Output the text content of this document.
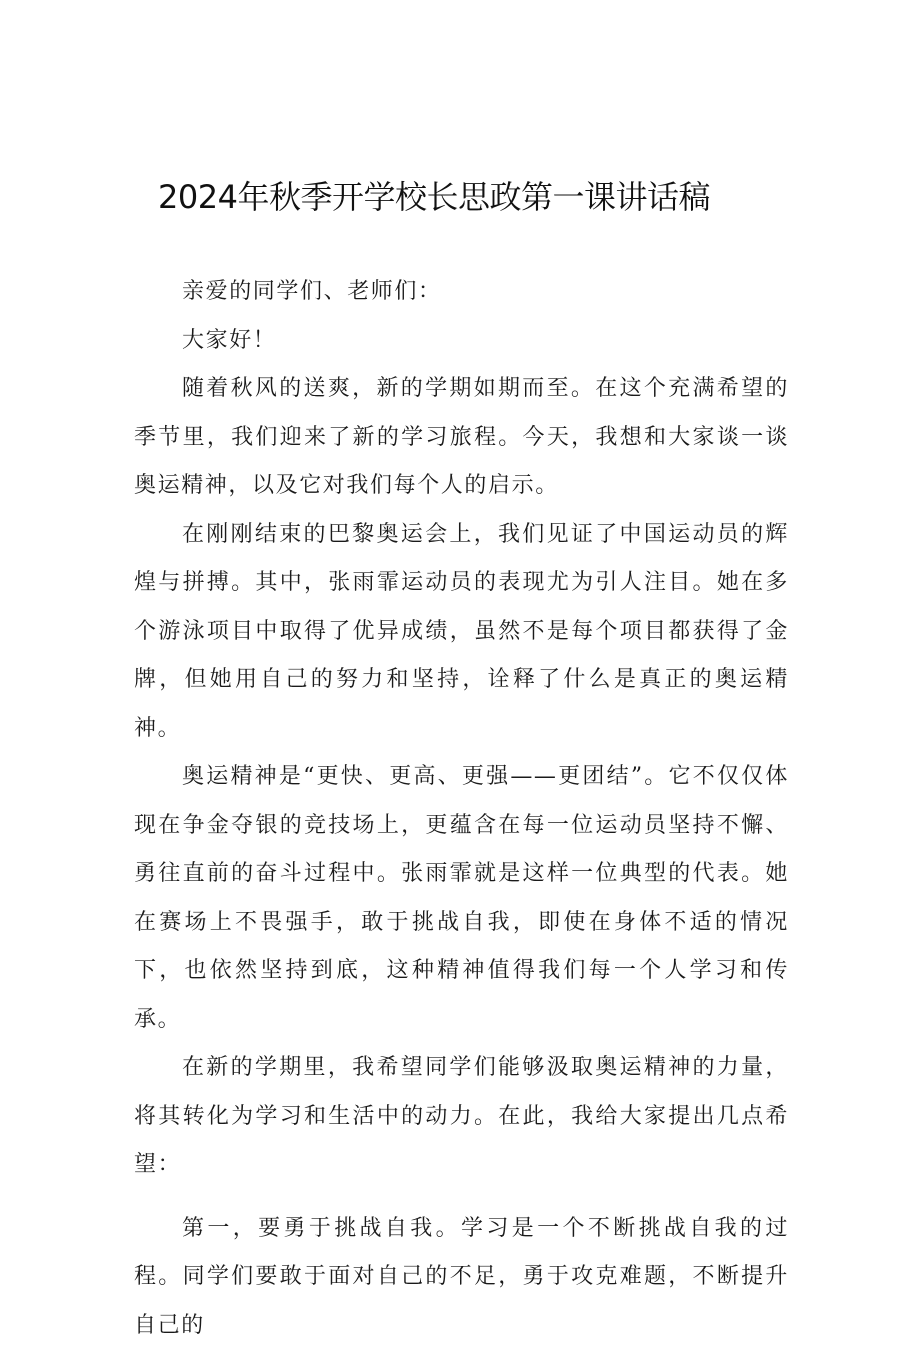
2024年秋季开学校长思政第一课讲话稿

亲爱的同学们、老师们：

大家好！

随着秋风的送爽，新的学期如期而至。在这个充满希望的季节里，我们迎来了新的学习旅程。今天，我想和大家谈一谈奥运精神，以及它对我们每个人的启示。

在刚刚结束的巴黎奥运会上，我们见证了中国运动员的辉煌与拼搏。其中，张雨霏运动员的表现尤为引人注目。她在多个游泳项目中取得了优异成绩，虽然不是每个项目都获得了金牌，但她用自己的努力和坚持，诠释了什么是真正的奥运精神。

奥运精神是“更快、更高、更强——更团结”。它不仅仅体现在争金夺银的竞技场上，更蕴含在每一位运动员坚持不懈、勇往直前的奋斗过程中。张雨霏就是这样一位典型的代表。她在赛场上不畏强手，敢于挑战自我，即使在身体不适的情况下，也依然坚持到底，这种精神值得我们每一个人学习和传承。

在新的学期里，我希望同学们能够汲取奥运精神的力量，将其转化为学习和生活中的动力。在此，我给大家提出几点希望：

第一，要勇于挑战自我。学习是一个不断挑战自我的过程。同学们要敢于面对自己的不足，勇于攻克难题，不断提升自己的
